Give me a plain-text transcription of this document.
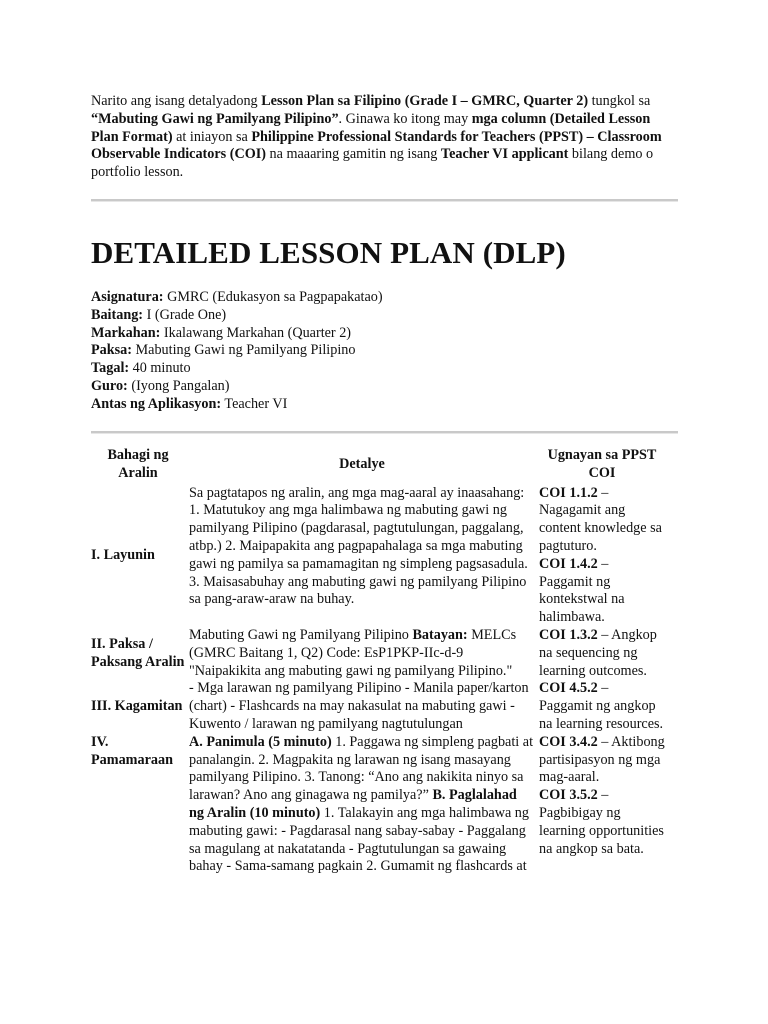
Narito ang isang detalyadong Lesson Plan sa Filipino (Grade I – GMRC, Quarter 2) tungkol sa “Mabuting Gawi ng Pamilyang Pilipino”. Ginawa ko itong may mga column (Detailed Lesson Plan Format) at iniayon sa Philippine Professional Standards for Teachers (PPST) – Classroom Observable Indicators (COI) na maaaring gamitin ng isang Teacher VI applicant bilang demo o portfolio lesson.

DETAILED LESSON PLAN (DLP)
Asignatura: GMRC (Edukasyon sa Pagpapakatao)
Baitang: I (Grade One)
Markahan: Ikalawang Markahan (Quarter 2)
Paksa: Mabuting Gawi ng Pamilyang Pilipino
Tagal: 40 minuto
Guro: (Iyong Pangalan)
Antas ng Aplikasyon: Teacher VI
Bahagi ng Aralin	Detalye	Ugnayan sa PPST COI
I. Layunin	Sa pagtatapos ng aralin, ang mga mag-aaral ay inaasahang: 1. Matutukoy ang mga halimbawa ng mabuting gawi ng pamilyang Pilipino (pagdarasal, pagtutulungan, paggalang, atbp.) 2. Maipapakita ang pagpapahalaga sa mga mabuting gawi ng pamilya sa pamamagitan ng simpleng pagsasadula. 3. Maisasabuhay ang mabuting gawi ng pamilyang Pilipino sa pang-araw-araw na buhay.	COI 1.1.2 – Nagagamit ang content knowledge sa pagtuturo.
COI 1.4.2 – Paggamit ng kontekstwal na halimbawa.
II. Paksa / Paksang Aralin	Mabuting Gawi ng Pamilyang Pilipino Batayan: MELCs (GMRC Baitang 1, Q2) Code: EsP1PKP-IIc-d-9 "Naipakikita ang mabuting gawi ng pamilyang Pilipino."	COI 1.3.2 – Angkop na sequencing ng learning outcomes.
III. Kagamitan	- Mga larawan ng pamilyang Pilipino - Manila paper/karton (chart) - Flashcards na may nakasulat na mabuting gawi - Kuwento / larawan ng pamilyang nagtutulungan	COI 4.5.2 – Paggamit ng angkop na learning resources.
IV. Pamamaraan	A. Panimula (5 minuto) 1. Paggawa ng simpleng pagbati at panalangin. 2. Magpakita ng larawan ng isang masayang pamilyang Pilipino. 3. Tanong: “Ano ang nakikita ninyo sa larawan? Ano ang ginagawa ng pamilya?” B. Paglalahad ng Aralin (10 minuto) 1. Talakayin ang mga halimbawa ng mabuting gawi: - Pagdarasal nang sabay-sabay - Paggalang sa magulang at nakatatanda - Pagtutulungan sa gawaing bahay - Sama-samang pagkain 2. Gumamit ng flashcards at	COI 3.4.2 – Aktibong partisipasyon ng mga mag-aaral.
COI 3.5.2 – Pagbibigay ng learning opportunities na angkop sa bata.
